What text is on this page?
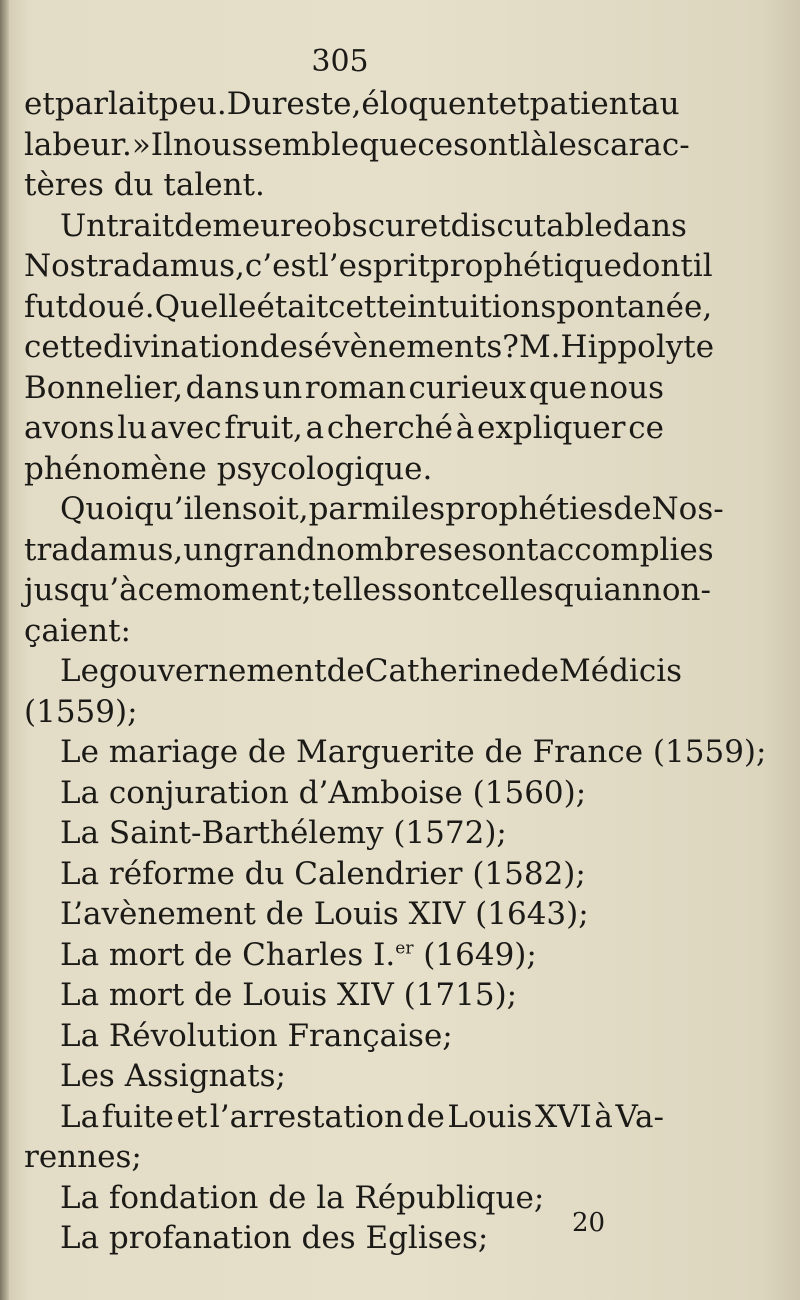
305
et parlait peu. Du reste, éloquent et patient au
labeur. » Il nous semble que ce sont là les carac-
tères du talent.
Un trait demeure obscur et discutable dans
Nostradamus, c’est l’esprit prophétique dont il
fut doué. Quelle était cette intuition spontanée,
cette divination des évènements? M. Hippolyte
Bonnelier, dans un roman curieux que nous
avons lu avec fruit, a cherché à expliquer ce
phénomène psycologique.
Quoiqu’il en soit, parmi les prophéties de Nos-
tradamus, un grand nombre se sont accomplies
jusqu’à ce moment; telles sont celles qui annon-
çaient:
Le gouvernement de Catherine de Médicis
(1559);
Le mariage de Marguerite de France (1559);
La conjuration d’Amboise (1560);
La Saint-Barthélemy (1572);
La réforme du Calendrier (1582);
L’avènement de Louis XIV (1643);
La mort de Charles I.$^{er}$ (1649);
La mort de Louis XIV (1715);
La Révolution Française;
Les Assignats;
La fuite et l’arrestation de Louis XVI à Va-
rennes;
La fondation de la République;
La profanation des Eglises;	20
